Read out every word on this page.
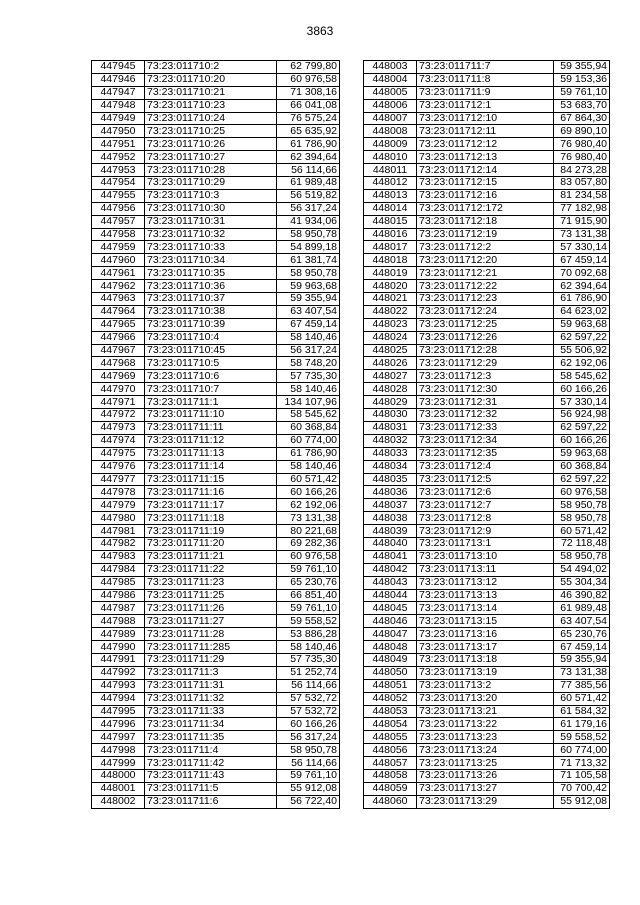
3863
447945	73:23:011710:2	62 799,80
447946	73:23:011710:20	60 976,58
447947	73:23:011710:21	71 308,16
447948	73:23:011710:23	66 041,08
447949	73:23:011710:24	76 575,24
447950	73:23:011710:25	65 635,92
447951	73:23:011710:26	61 786,90
447952	73:23:011710:27	62 394,64
447953	73:23:011710:28	56 114,66
447954	73:23:011710:29	61 989,48
447955	73:23:011710:3	56 519,82
447956	73:23:011710:30	56 317,24
447957	73:23:011710:31	41 934,06
447958	73:23:011710:32	58 950,78
447959	73:23:011710:33	54 899,18
447960	73:23:011710:34	61 381,74
447961	73:23:011710:35	58 950,78
447962	73:23:011710:36	59 963,68
447963	73:23:011710:37	59 355,94
447964	73:23:011710:38	63 407,54
447965	73:23:011710:39	67 459,14
447966	73:23:011710:4	58 140,46
447967	73:23:011710:45	56 317,24
447968	73:23:011710:5	58 748,20
447969	73:23:011710:6	57 735,30
447970	73:23:011710:7	58 140,46
447971	73:23:011711:1	134 107,96
447972	73:23:011711:10	58 545,62
447973	73:23:011711:11	60 368,84
447974	73:23:011711:12	60 774,00
447975	73:23:011711:13	61 786,90
447976	73:23:011711:14	58 140,46
447977	73:23:011711:15	60 571,42
447978	73:23:011711:16	60 166,26
447979	73:23:011711:17	62 192,06
447980	73:23:011711:18	73 131,38
447981	73:23:011711:19	80 221,68
447982	73:23:011711:20	69 282,36
447983	73:23:011711:21	60 976,58
447984	73:23:011711:22	59 761,10
447985	73:23:011711:23	65 230,76
447986	73:23:011711:25	66 851,40
447987	73:23:011711:26	59 761,10
447988	73:23:011711:27	59 558,52
447989	73:23:011711:28	53 886,28
447990	73:23:011711:285	58 140,46
447991	73:23:011711:29	57 735,30
447992	73:23:011711:3	51 252,74
447993	73:23:011711:31	56 114,66
447994	73:23:011711:32	57 532,72
447995	73:23:011711:33	57 532,72
447996	73:23:011711:34	60 166,26
447997	73:23:011711:35	56 317,24
447998	73:23:011711:4	58 950,78
447999	73:23:011711:42	56 114,66
448000	73:23:011711:43	59 761,10
448001	73:23:011711:5	55 912,08
448002	73:23:011711:6	56 722,40
448003	73:23:011711:7	59 355,94
448004	73:23:011711:8	59 153,36
448005	73:23:011711:9	59 761,10
448006	73:23:011712:1	53 683,70
448007	73:23:011712:10	67 864,30
448008	73:23:011712:11	69 890,10
448009	73:23:011712:12	76 980,40
448010	73:23:011712:13	76 980,40
448011	73:23:011712:14	84 273,28
448012	73:23:011712:15	83 057,80
448013	73:23:011712:16	81 234,58
448014	73:23:011712:172	77 182,98
448015	73:23:011712:18	71 915,90
448016	73:23:011712:19	73 131,38
448017	73:23:011712:2	57 330,14
448018	73:23:011712:20	67 459,14
448019	73:23:011712:21	70 092,68
448020	73:23:011712:22	62 394,64
448021	73:23:011712:23	61 786,90
448022	73:23:011712:24	64 623,02
448023	73:23:011712:25	59 963,68
448024	73:23:011712:26	62 597,22
448025	73:23:011712:28	55 506,92
448026	73:23:011712:29	62 192,06
448027	73:23:011712:3	58 545,62
448028	73:23:011712:30	60 166,26
448029	73:23:011712:31	57 330,14
448030	73:23:011712:32	56 924,98
448031	73:23:011712:33	62 597,22
448032	73:23:011712:34	60 166,26
448033	73:23:011712:35	59 963,68
448034	73:23:011712:4	60 368,84
448035	73:23:011712:5	62 597,22
448036	73:23:011712:6	60 976,58
448037	73:23:011712:7	58 950,78
448038	73:23:011712:8	58 950,78
448039	73:23:011712:9	60 571,42
448040	73:23:011713:1	72 118,48
448041	73:23:011713:10	58 950,78
448042	73:23:011713:11	54 494,02
448043	73:23:011713:12	55 304,34
448044	73:23:011713:13	46 390,82
448045	73:23:011713:14	61 989,48
448046	73:23:011713:15	63 407,54
448047	73:23:011713:16	65 230,76
448048	73:23:011713:17	67 459,14
448049	73:23:011713:18	59 355,94
448050	73:23:011713:19	73 131,38
448051	73:23:011713:2	77 385,56
448052	73:23:011713:20	60 571,42
448053	73:23:011713:21	61 584,32
448054	73:23:011713:22	61 179,16
448055	73:23:011713:23	59 558,52
448056	73:23:011713:24	60 774,00
448057	73:23:011713:25	71 713,32
448058	73:23:011713:26	71 105,58
448059	73:23:011713:27	70 700,42
448060	73:23:011713:29	55 912,08
